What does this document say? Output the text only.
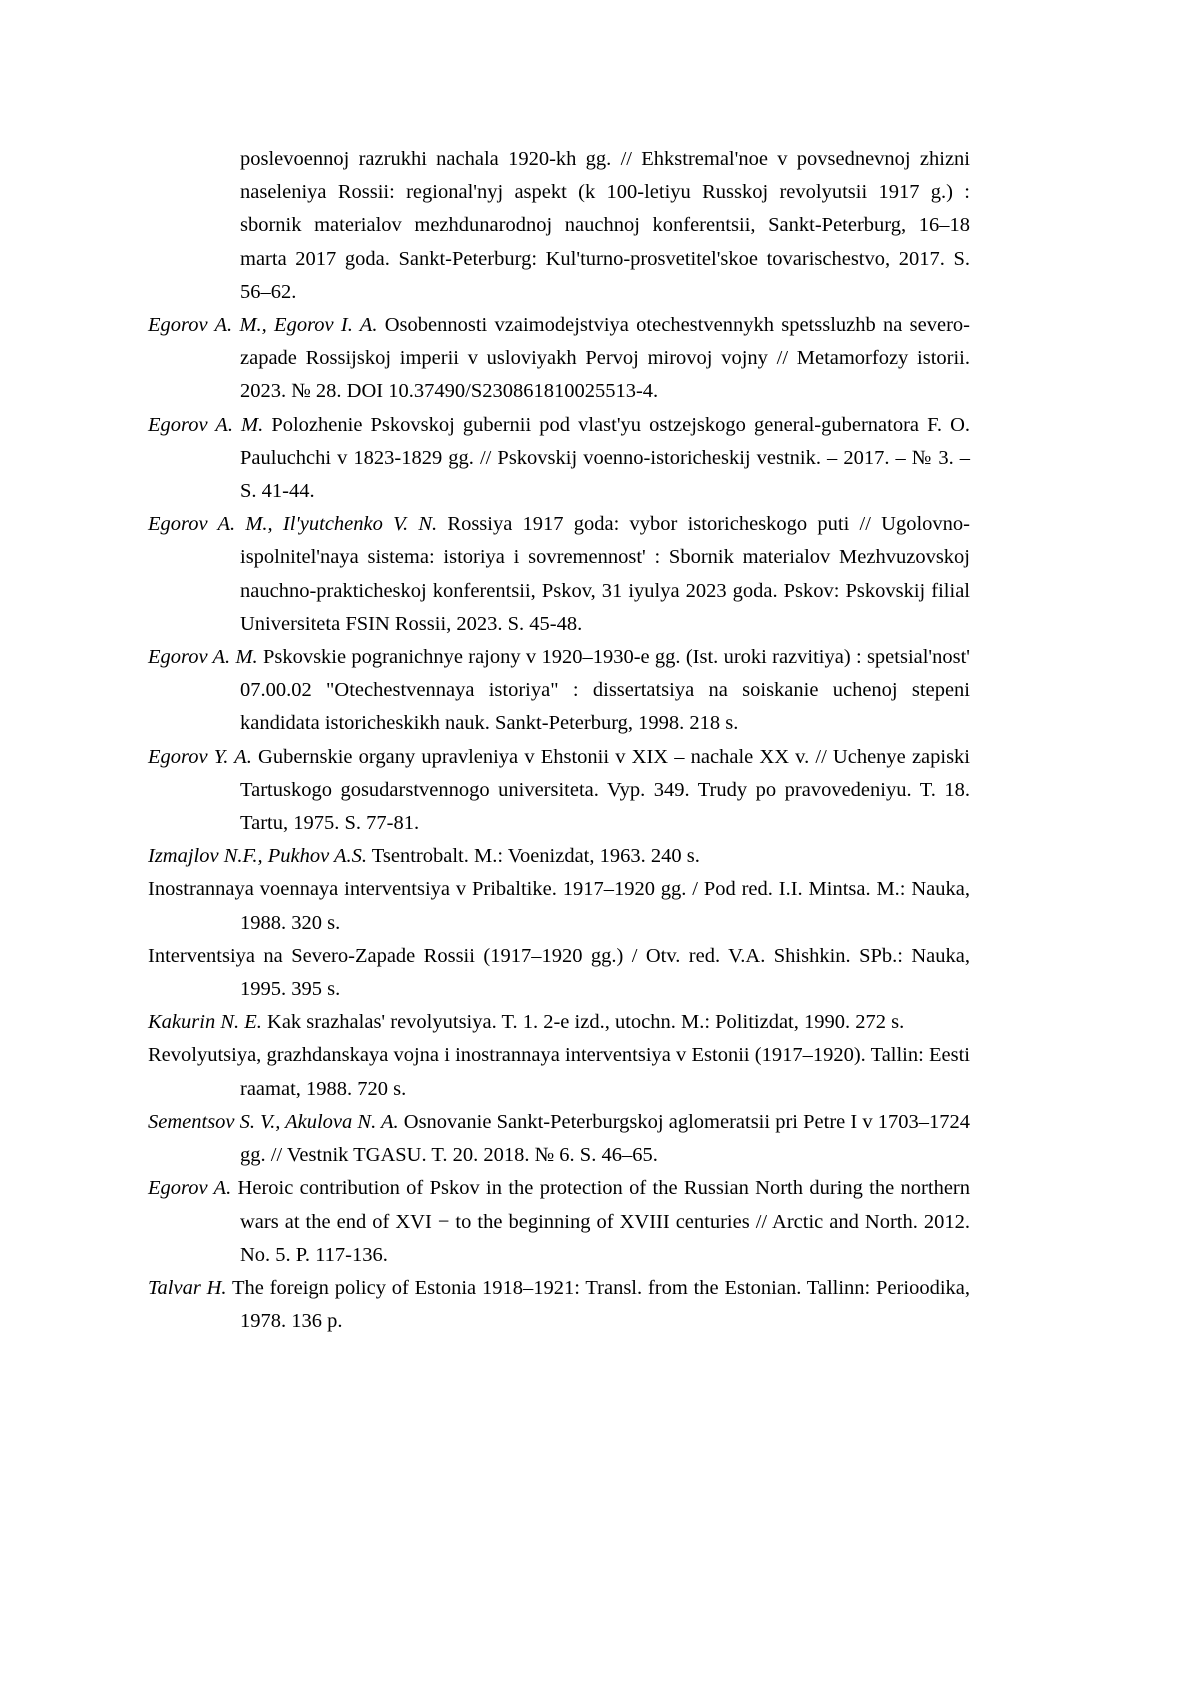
poslevoennoj razrukhi nachala 1920-kh gg. // Ehkstremal'noe v povsednevnoj zhizni naseleniya Rossii: regional'nyj aspekt (k 100-letiyu Russkoj revolyutsii 1917 g.) : sbornik materialov mezhdunarodnoj nauchnoj konferentsii, Sankt-Peterburg, 16–18 marta 2017 goda. Sankt-Peterburg: Kul'turno-prosvetitel'skoe tovarischestvo, 2017. S. 56–62.

Egorov A. M., Egorov I. A. Osobennosti vzaimodejstviya otechestvennykh spetssluzhb na severo-zapade Rossijskoj imperii v usloviyakh Pervoj mirovoj vojny // Metamorfozy istorii. 2023. № 28. DOI 10.37490/S230861810025513-4.

Egorov A. M. Polozhenie Pskovskoj gubernii pod vlast'yu ostzejskogo general-gubernatora F. O. Pauluchchi v 1823-1829 gg. // Pskovskij voenno-istoricheskij vestnik. – 2017. – № 3. – S. 41-44.

Egorov A. M., Il'yutchenko V. N. Rossiya 1917 goda: vybor istoricheskogo puti // Ugolovno-ispolnitel'naya sistema: istoriya i sovremennost' : Sbornik materialov Mezhvuzovskoj nauchno-prakticheskoj konferentsii, Pskov, 31 iyulya 2023 goda. Pskov: Pskovskij filial Universiteta FSIN Rossii, 2023. S. 45-48.

Egorov A. M. Pskovskie pogranichnye rajony v 1920–1930-e gg. (Ist. uroki razvitiya) : spetsial'nost' 07.00.02 "Otechestvennaya istoriya" : dissertatsiya na soiskanie uchenoj stepeni kandidata istoricheskikh nauk. Sankt-Peterburg, 1998. 218 s.

Egorov Y. A. Gubernskie organy upravleniya v Ehstonii v XIX – nachale XX v. // Uchenye zapiski Tartuskogo gosudarstvennogo universiteta. Vyp. 349. Trudy po pravovedeniyu. T. 18. Tartu, 1975. S. 77-81.

Izmajlov N.F., Pukhov A.S. Tsentrobalt. M.: Voenizdat, 1963. 240 s.

Inostrannaya voennaya interventsiya v Pribaltike. 1917–1920 gg. / Pod red. I.I. Mintsa. M.: Nauka, 1988. 320 s.

Interventsiya na Severo-Zapade Rossii (1917–1920 gg.) / Otv. red. V.A. Shishkin. SPb.: Nauka, 1995. 395 s.

Kakurin N. E. Kak srazhalas' revolyutsiya. T. 1. 2-e izd., utochn. M.: Politizdat, 1990. 272 s.

Revolyutsiya, grazhdanskaya vojna i inostrannaya interventsiya v Estonii (1917–1920). Tallin: Eesti raamat, 1988. 720 s.

Sementsov S. V., Akulova N. A. Osnovanie Sankt-Peterburgskoj aglomeratsii pri Petre I v 1703–1724 gg. // Vestnik TGASU. T. 20. 2018. № 6. S. 46–65.

Egorov A. Heroic contribution of Pskov in the protection of the Russian North during the northern wars at the end of XVI − to the beginning of XVIII centuries // Arctic and North. 2012. No. 5. P. 117-136.

Talvar H. The foreign policy of Estonia 1918–1921: Transl. from the Estonian. Tallinn: Perioodika, 1978. 136 p.
